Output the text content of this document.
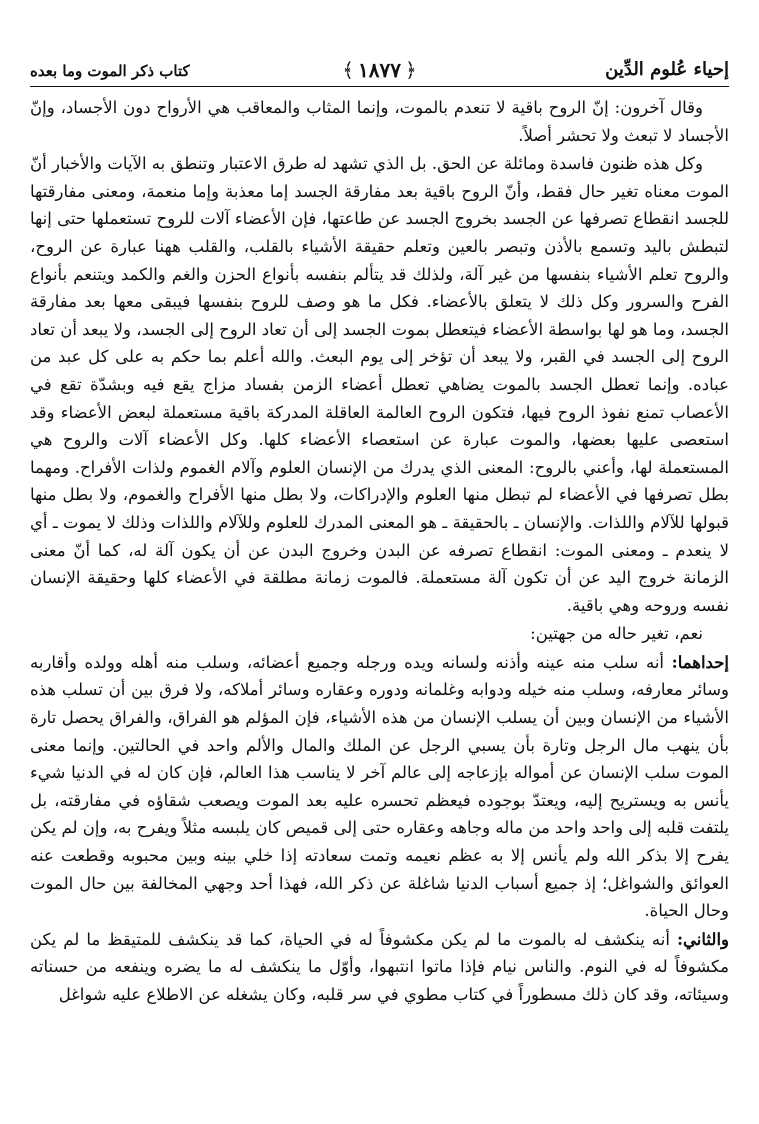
إحياء عُلوم الدِّين
﴿
١٨٧٧
﴾
كتاب ذكر الموت وما بعده

وقال آخرون: إنّ الروح باقية لا تنعدم بالموت، وإنما المثاب والمعاقب هي الأرواح دون الأجساد، وإنّ الأجساد لا تبعث ولا تحشر أصلاً.

وكل هذه ظنون فاسدة ومائلة عن الحق. بل الذي تشهد له طرق الاعتبار وتنطق به الآيات والأخبار أنّ الموت معناه تغير حال فقط، وأنّ الروح باقية بعد مفارقة الجسد إما معذبة وإما منعمة، ومعنى مفارقتها للجسد انقطاع تصرفها عن الجسد بخروج الجسد عن طاعتها، فإن الأعضاء آلات للروح تستعملها حتى إنها لتبطش باليد وتسمع بالأذن وتبصر بالعين وتعلم حقيقة الأشياء بالقلب، والقلب ههنا عبارة عن الروح، والروح تعلم الأشياء بنفسها من غير آلة، ولذلك قد يتألم بنفسه بأنواع الحزن والغم والكمد ويتنعم بأنواع الفرح والسرور وكل ذلك لا يتعلق بالأعضاء. فكل ما هو وصف للروح بنفسها فيبقى معها بعد مفارقة الجسد، وما هو لها بواسطة الأعضاء فيتعطل بموت الجسد إلى أن تعاد الروح إلى الجسد، ولا يبعد أن تعاد الروح إلى الجسد في القبر، ولا يبعد أن تؤخر إلى يوم البعث. والله أعلم بما حكم به على كل عبد من عباده. وإنما تعطل الجسد بالموت يضاهي تعطل أعضاء الزمن بفساد مزاج يقع فيه وبشدّة تقع في الأعصاب تمنع نفوذ الروح فيها، فتكون الروح العالمة العاقلة المدركة باقية مستعملة لبعض الأعضاء وقد استعصى عليها بعضها، والموت عبارة عن استعصاء الأعضاء كلها. وكل الأعضاء آلات والروح هي المستعملة لها، وأعني بالروح: المعنى الذي يدرك من الإنسان العلوم وآلام الغموم ولذات الأفراح. ومهما بطل تصرفها في الأعضاء لم تبطل منها العلوم والإدراكات، ولا بطل منها الأفراح والغموم، ولا بطل منها قبولها للآلام واللذات. والإنسان ـ بالحقيقة ـ هو المعنى المدرك للعلوم وللآلام واللذات وذلك لا يموت ـ أي لا ينعدم ـ ومعنى الموت: انقطاع تصرفه عن البدن وخروج البدن عن أن يكون آلة له، كما أنّ معنى الزمانة خروج اليد عن أن تكون آلة مستعملة. فالموت زمانة مطلقة في الأعضاء كلها وحقيقة الإنسان نفسه وروحه وهي باقية.

نعم، تغير حاله من جهتين:

إحداهما: أنه سلب منه عينه وأذنه ولسانه ويده ورجله وجميع أعضائه، وسلب منه أهله وولده وأقاربه وسائر معارفه، وسلب منه خيله ودوابه وغلمانه ودوره وعقاره وسائر أملاكه، ولا فرق بين أن تسلب هذه الأشياء من الإنسان وبين أن يسلب الإنسان من هذه الأشياء، فإن المؤلم هو الفراق، والفراق يحصل تارة بأن ينهب مال الرجل وتارة بأن يسبي الرجل عن الملك والمال والألم واحد في الحالتين. وإنما معنى الموت سلب الإنسان عن أمواله بإزعاجه إلى عالم آخر لا يناسب هذا العالم، فإن كان له في الدنيا شيء يأنس به ويستريح إليه، ويعتدّ بوجوده فيعظم تحسره عليه بعد الموت ويصعب شقاؤه في مفارقته، بل يلتفت قلبه إلى واحد واحد من ماله وجاهه وعقاره حتى إلى قميص كان يلبسه مثلاً ويفرح به، وإن لم يكن يفرح إلا بذكر الله ولم يأنس إلا به عظم نعيمه وتمت سعادته إذا خلي بينه وبين محبوبه وقطعت عنه العوائق والشواغل؛ إذ جميع أسباب الدنيا شاغلة عن ذكر الله، فهذا أحد وجهي المخالفة بين حال الموت وحال الحياة.

والثاني: أنه ينكشف له بالموت ما لم يكن مكشوفاً له في الحياة، كما قد ينكشف للمتيقظ ما لم يكن مكشوفاً له في النوم. والناس نيام فإذا ماتوا انتبهوا، وأوّل ما ينكشف له ما يضره وينفعه من حسناته وسيئاته، وقد كان ذلك مسطوراً في كتاب مطوي في سر قلبه، وكان يشغله عن الاطلاع عليه شواغل
